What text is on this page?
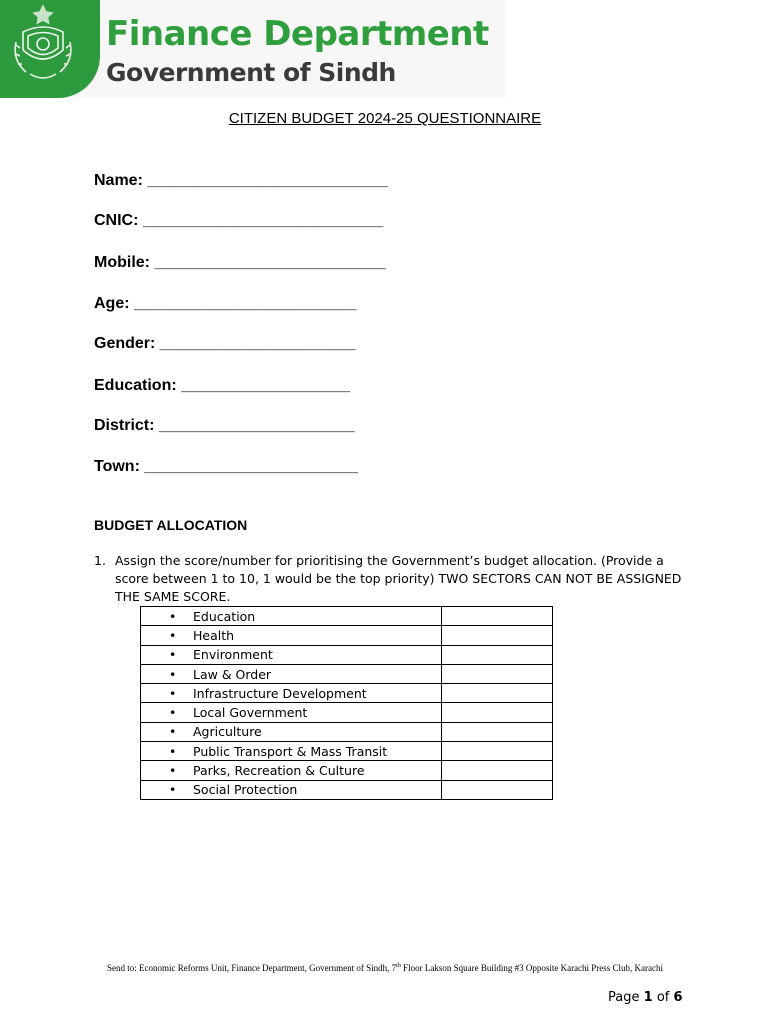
Finance Department
Government of Sindh
CITIZEN BUDGET 2024-25 QUESTIONNAIRE
Name: ___________________________
CNIC: ___________________________
Mobile: __________________________
Age: _________________________
Gender: ______________________
Education: ___________________
District: ______________________
Town: ________________________
BUDGET ALLOCATION
1. Assign the score/number for prioritising the Government’s budget allocation. (Provide a score between 1 to 10, 1 would be the top priority) TWO SECTORS CAN NOT BE ASSIGNED THE SAME SCORE.
• Education	
• Health	
• Environment	
• Law & Order	
• Infrastructure Development	
• Local Government	
• Agriculture	
• Public Transport & Mass Transit	
• Parks, Recreation & Culture	
• Social Protection	
Send to: Economic Reforms Unit, Finance Department, Government of Sindh, 7th Floor Lakson Square Building #3 Opposite Karachi Press Club, Karachi
Page 1 of 6
